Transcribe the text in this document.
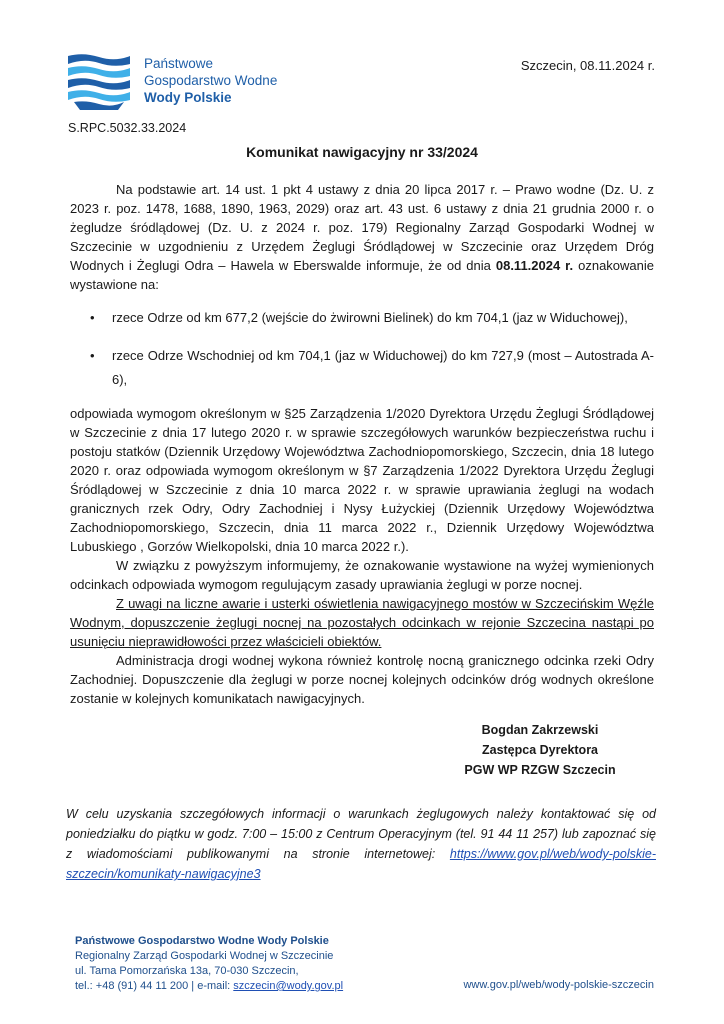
Państwowe
Gospodarstwo Wodne
Wody Polskie
Szczecin, 08.11.2024 r.
S.RPC.5032.33.2024
Komunikat nawigacyjny nr 33/2024

Na podstawie art. 14 ust. 1 pkt 4 ustawy z dnia 20 lipca 2017 r. – Prawo wodne (Dz. U. z 2023 r. poz. 1478, 1688, 1890, 1963, 2029) oraz art. 43 ust. 6 ustawy z dnia 21 grudnia 2000 r. o żegludze śródlądowej (Dz. U. z 2024 r. poz. 179) Regionalny Zarząd Gospodarki Wodnej w Szczecinie w uzgodnieniu z Urzędem Żeglugi Śródlądowej w Szczecinie oraz Urzędem Dróg Wodnych i Żeglugi Odra – Hawela w Eberswalde informuje, że od dnia 08.11.2024 r. oznakowanie wystawione na:

• rzece Odrze od km 677,2 (wejście do żwirowni Bielinek) do km 704,1 (jaz w Widuchowej),
• rzece Odrze Wschodniej od km 704,1 (jaz w Widuchowej) do km 727,9 (most – Autostrada A-6),

odpowiada wymogom określonym w §25 Zarządzenia 1/2020 Dyrektora Urzędu Żeglugi Śródlądowej w Szczecinie z dnia 17 lutego 2020 r. w sprawie szczegółowych warunków bezpieczeństwa ruchu i postoju statków (Dziennik Urzędowy Województwa Zachodniopomorskiego, Szczecin, dnia 18 lutego 2020 r. oraz odpowiada wymogom określonym w §7 Zarządzenia 1/2022 Dyrektora Urzędu Żeglugi Śródlądowej w Szczecinie z dnia 10 marca 2022 r. w sprawie uprawiania żeglugi na wodach granicznych rzek Odry, Odry Zachodniej i Nysy Łużyckiej (Dziennik Urzędowy Województwa Zachodniopomorskiego, Szczecin, dnia 11 marca 2022 r., Dziennik Urzędowy Województwa Lubuskiego , Gorzów Wielkopolski, dnia 10 marca 2022 r.).

W związku z powyższym informujemy, że oznakowanie wystawione na wyżej wymienionych odcinkach odpowiada wymogom regulującym zasady uprawiania żeglugi w porze nocnej.

Z uwagi na liczne awarie i usterki oświetlenia nawigacyjnego mostów w Szczecińskim Węźle Wodnym, dopuszczenie żeglugi nocnej na pozostałych odcinkach w rejonie Szczecina nastąpi po usunięciu nieprawidłowości przez właścicieli obiektów.

Administracja drogi wodnej wykona również kontrolę nocną granicznego odcinka rzeki Odry Zachodniej. Dopuszczenie dla żeglugi w porze nocnej kolejnych odcinków dróg wodnych określone zostanie w kolejnych komunikatach nawigacyjnych.

Bogdan Zakrzewski
Zastępca Dyrektora
PGW WP RZGW Szczecin
W celu uzyskania szczegółowych informacji o warunkach żeglugowych należy kontaktować się od poniedziałku do piątku w godz. 7:00 – 15:00 z Centrum Operacyjnym (tel. 91 44 11 257) lub zapoznać się z wiadomościami publikowanymi na stronie internetowej: https://www.gov.pl/web/wody-polskie-szczecin/komunikaty-nawigacyjne3
Państwowe Gospodarstwo Wodne Wody Polskie
Regionalny Zarząd Gospodarki Wodnej w Szczecinie
ul. Tama Pomorzańska 13a, 70-030 Szczecin,
tel.: +48 (91) 44 11 200 | e-mail: szczecin@wody.gov.pl	www.gov.pl/web/wody-polskie-szczecin
